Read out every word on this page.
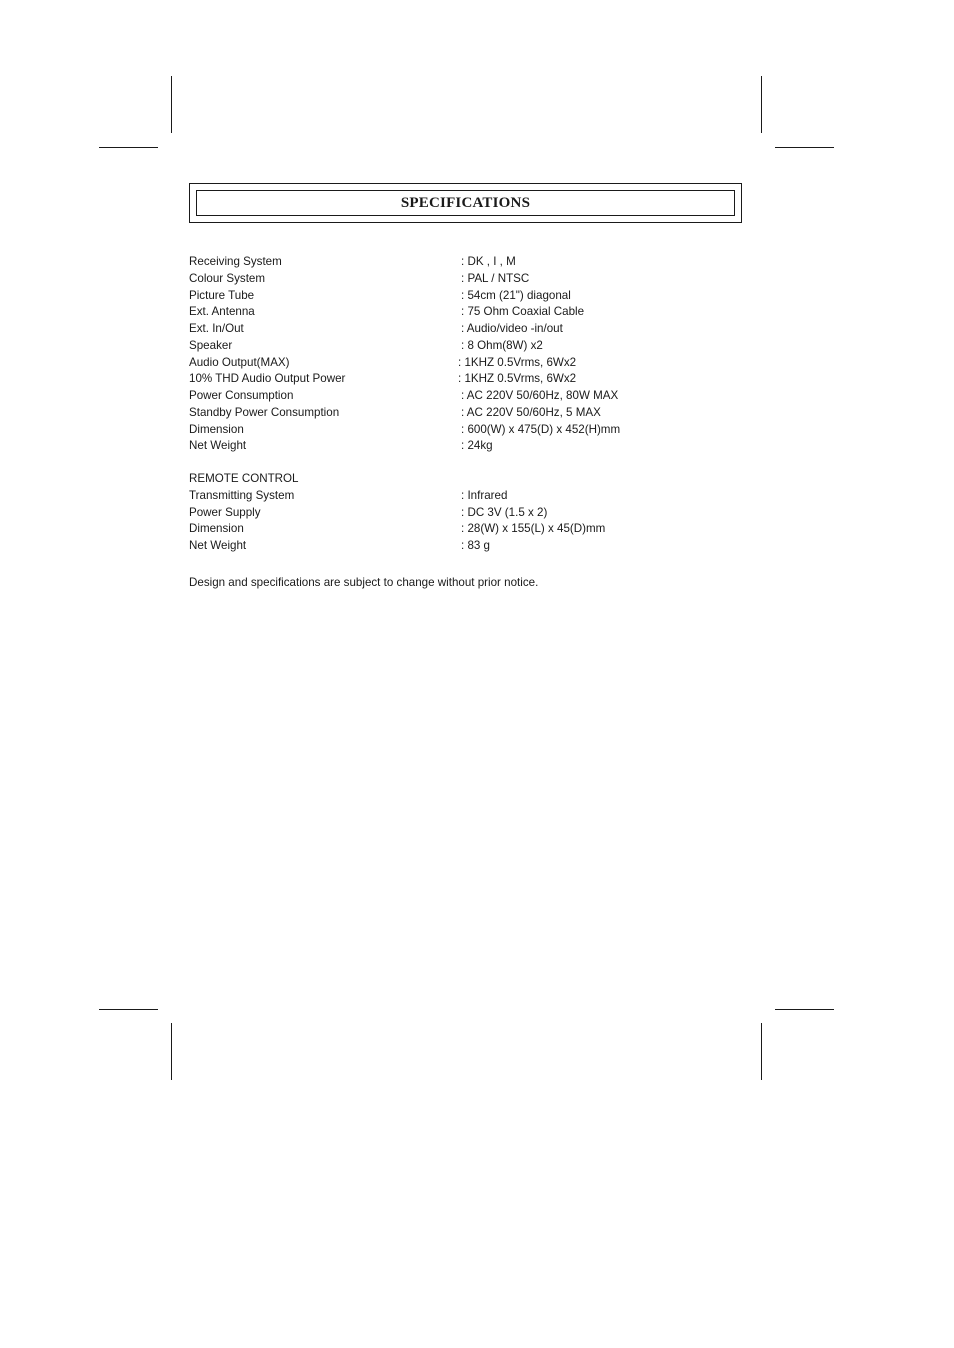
SPECIFICATIONS
Receiving System	: DK , I , M
Colour System	: PAL / NTSC
Picture Tube	: 54cm (21") diagonal
Ext. Antenna	: 75 Ohm Coaxial Cable
Ext. In/Out	: Audio/video -in/out
Speaker	: 8 Ohm(8W) x2
Audio Output(MAX)	: 1KHZ 0.5Vrms, 6Wx2
10% THD Audio Output Power	: 1KHZ 0.5Vrms, 6Wx2
Power Consumption	: AC 220V 50/60Hz, 80W MAX
Standby Power Consumption	: AC 220V 50/60Hz, 5 MAX
Dimension	: 600(W) x 475(D) x 452(H)mm
Net Weight	: 24kg
REMOTE CONTROL
Transmitting System	: Infrared
Power Supply	: DC 3V (1.5 x 2)
Dimension	: 28(W) x 155(L) x 45(D)mm
Net Weight	: 83 g
Design and specifications are subject to change without prior notice.
